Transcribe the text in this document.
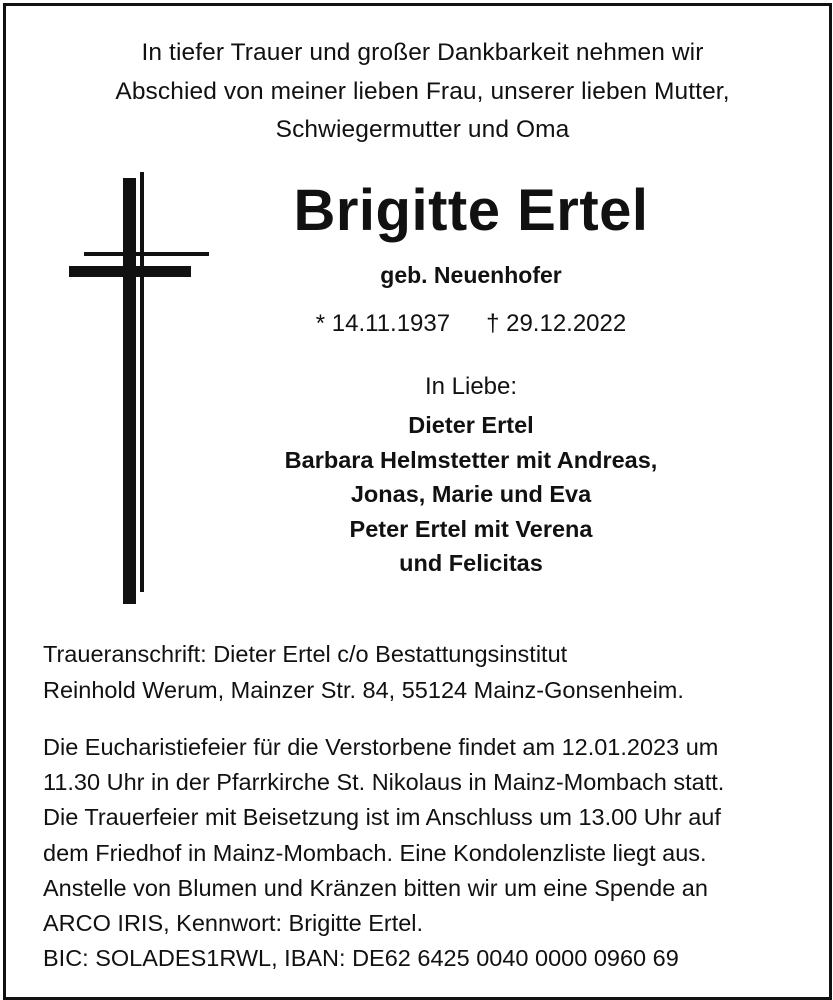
In tiefer Trauer und großer Dankbarkeit nehmen wir
Abschied von meiner lieben Frau, unserer lieben Mutter,
Schwiegermutter und Oma
Brigitte Ertel
geb. Neuenhofer
* 14.11.1937 † 29.12.2022
In Liebe:
Dieter Ertel
Barbara Helmstetter mit Andreas,
Jonas, Marie und Eva
Peter Ertel mit Verena
und Felicitas
Traueranschrift: Dieter Ertel c/o Bestattungsinstitut
Reinhold Werum, Mainzer Str. 84, 55124 Mainz-Gonsenheim.
Die Eucharistiefeier für die Verstorbene findet am 12.01.2023 um
11.30 Uhr in der Pfarrkirche St. Nikolaus in Mainz-Mombach statt.
Die Trauerfeier mit Beisetzung ist im Anschluss um 13.00 Uhr auf
dem Friedhof in Mainz-Mombach. Eine Kondolenzliste liegt aus.
Anstelle von Blumen und Kränzen bitten wir um eine Spende an
ARCO IRIS, Kennwort: Brigitte Ertel.
BIC: SOLADES1RWL, IBAN: DE62 6425 0040 0000 0960 69
